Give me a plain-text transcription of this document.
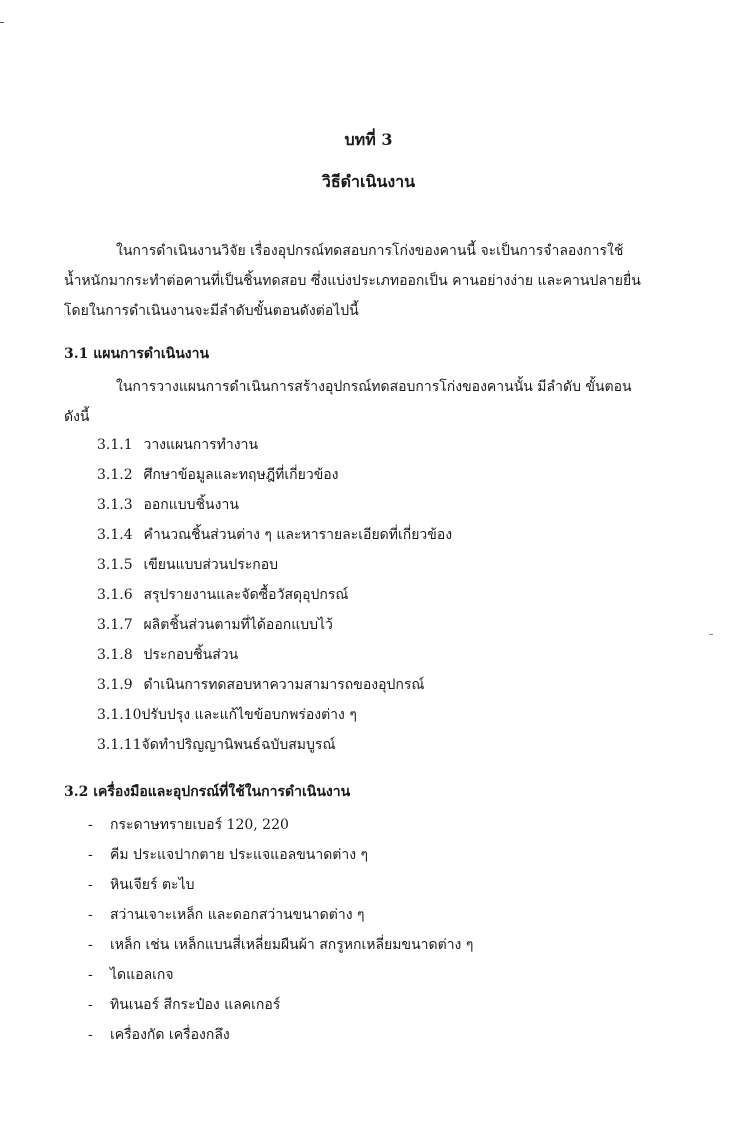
บทที่ 3
วิธีดำเนินงาน
ในการดำเนินงานวิจัย เรื่องอุปกรณ์ทดสอบการโก่งของคานนี้ จะเป็นการจำลองการใช้
น้ำหนักมากระทำต่อคานที่เป็นชิ้นทดสอบ ซึ่งแบ่งประเภทออกเป็น คานอย่างง่าย และคานปลายยื่น
โดยในการดำเนินงานจะมีลำดับขั้นตอนดังต่อไปนี้
3.1 แผนการดำเนินงาน
ในการวางแผนการดำเนินการสร้างอุปกรณ์ทดสอบการโก่งของคานนั้น มีลำดับ ขั้นตอน
ดังนี้
3.1.1 วางแผนการทำงาน
3.1.2 ศึกษาข้อมูลและทฤษฎีที่เกี่ยวข้อง
3.1.3 ออกแบบชิ้นงาน
3.1.4 คำนวณชิ้นส่วนต่าง ๆ และหารายละเอียดที่เกี่ยวข้อง
3.1.5 เขียนแบบส่วนประกอบ
3.1.6 สรุปรายงานและจัดซื้อวัสดุอุปกรณ์
3.1.7 ผลิตชิ้นส่วนตามที่ได้ออกแบบไว้
3.1.8 ประกอบชิ้นส่วน
3.1.9 ดำเนินการทดสอบหาความสามารถของอุปกรณ์
3.1.10ปรับปรุง และแก้ไขข้อบกพร่องต่าง ๆ
3.1.11จัดทำปริญญานิพนธ์ฉบับสมบูรณ์
3.2 เครื่องมือและอุปกรณ์ที่ใช้ในการดำเนินงาน
- กระดาษทรายเบอร์ 120, 220
- คีม ประแจปากตาย ประแจแอลขนาดต่าง ๆ
- หินเจียร์ ตะไบ
- สว่านเจาะเหล็ก และดอกสว่านขนาดต่าง ๆ
- เหล็ก เช่น เหล็กแบนสี่เหลี่ยมผืนผ้า สกรูหกเหลี่ยมขนาดต่าง ๆ
- ไดแอลเกจ
- ทินเนอร์ สีกระป๋อง แลคเกอร์
- เครื่องกัด เครื่องกลึง
